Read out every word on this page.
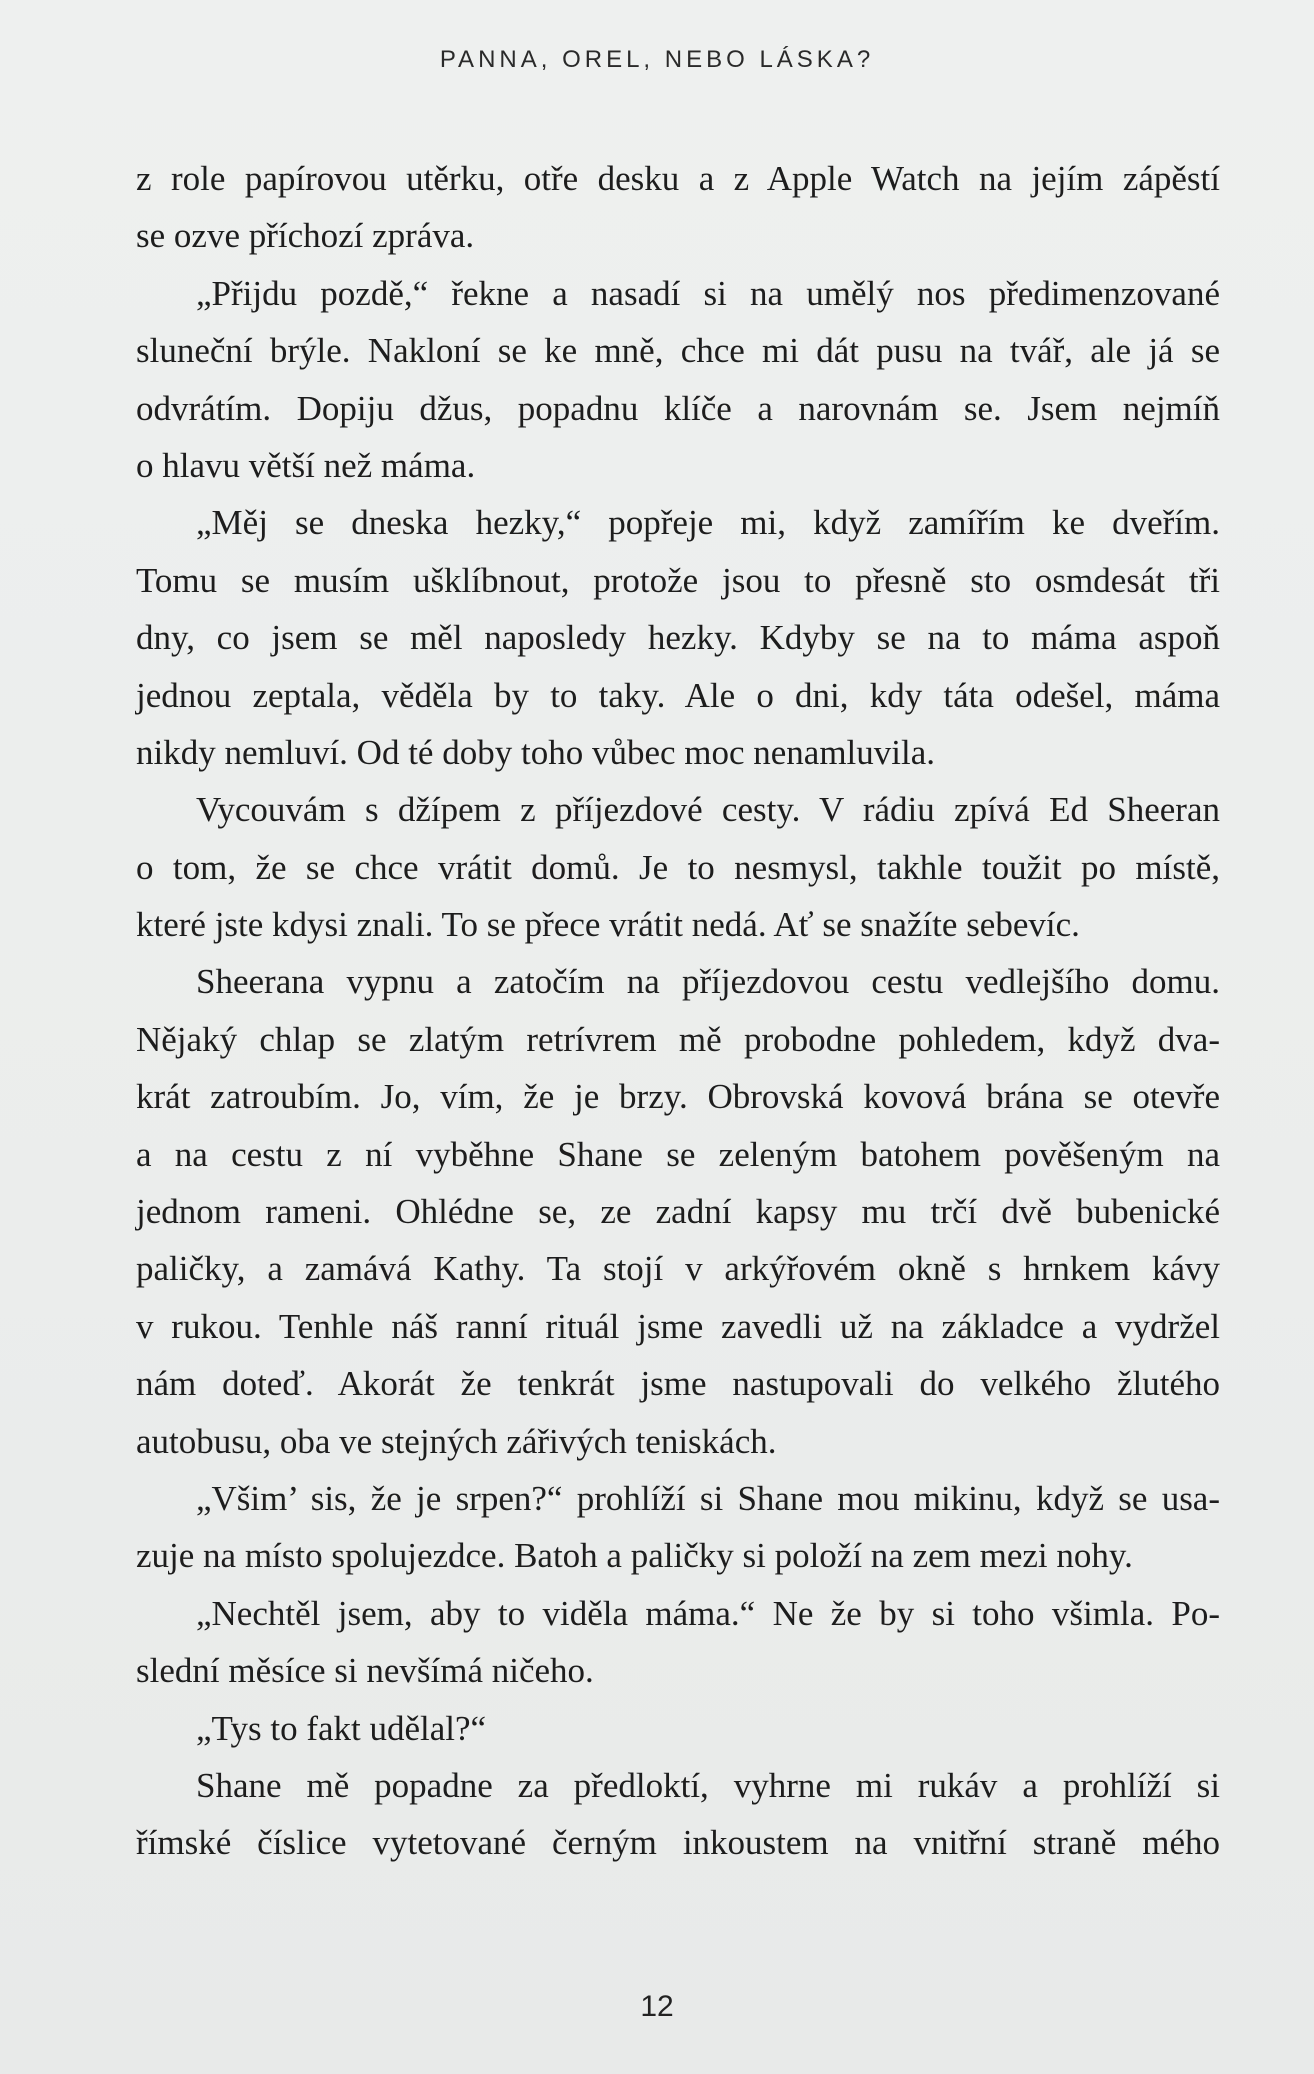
PANNA, OREL, NEBO LÁSKA?
z role papírovou utěrku, otře desku a z Apple Watch na jejím zápěstí
se ozve příchozí zpráva.
„Přijdu pozdě,“ řekne a nasadí si na umělý nos předimenzované
sluneční brýle. Nakloní se ke mně, chce mi dát pusu na tvář, ale já se
odvrátím. Dopiju džus, popadnu klíče a narovnám se. Jsem nejmíň
o hlavu větší než máma.
„Měj se dneska hezky,“ popřeje mi, když zamířím ke dveřím.
Tomu se musím ušklíbnout, protože jsou to přesně sto osmdesát tři
dny, co jsem se měl naposledy hezky. Kdyby se na to máma aspoň
jednou zeptala, věděla by to taky. Ale o dni, kdy táta odešel, máma
nikdy nemluví. Od té doby toho vůbec moc nenamluvila.
Vycouvám s džípem z příjezdové cesty. V rádiu zpívá Ed Sheeran
o tom, že se chce vrátit domů. Je to nesmysl, takhle toužit po místě,
které jste kdysi znali. To se přece vrátit nedá. Ať se snažíte sebevíc.
Sheerana vypnu a zatočím na příjezdovou cestu vedlejšího domu.
Nějaký chlap se zlatým retrívrem mě probodne pohledem, když dva-
krát zatroubím. Jo, vím, že je brzy. Obrovská kovová brána se otevře
a na cestu z ní vyběhne Shane se zeleným batohem pověšeným na
jednom rameni. Ohlédne se, ze zadní kapsy mu trčí dvě bubenické
paličky, a zamává Kathy. Ta stojí v arkýřovém okně s hrnkem kávy
v rukou. Tenhle náš ranní rituál jsme zavedli už na základce a vydržel
nám doteď. Akorát že tenkrát jsme nastupovali do velkého žlutého
autobusu, oba ve stejných zářivých teniskách.
„Všim’ sis, že je srpen?“ prohlíží si Shane mou mikinu, když se usa-
zuje na místo spolujezdce. Batoh a paličky si položí na zem mezi nohy.
„Nechtěl jsem, aby to viděla máma.“ Ne že by si toho všimla. Po-
slední měsíce si nevšímá ničeho.
„Tys to fakt udělal?“
Shane mě popadne za předloktí, vyhrne mi rukáv a prohlíží si
římské číslice vytetované černým inkoustem na vnitřní straně mého
12
